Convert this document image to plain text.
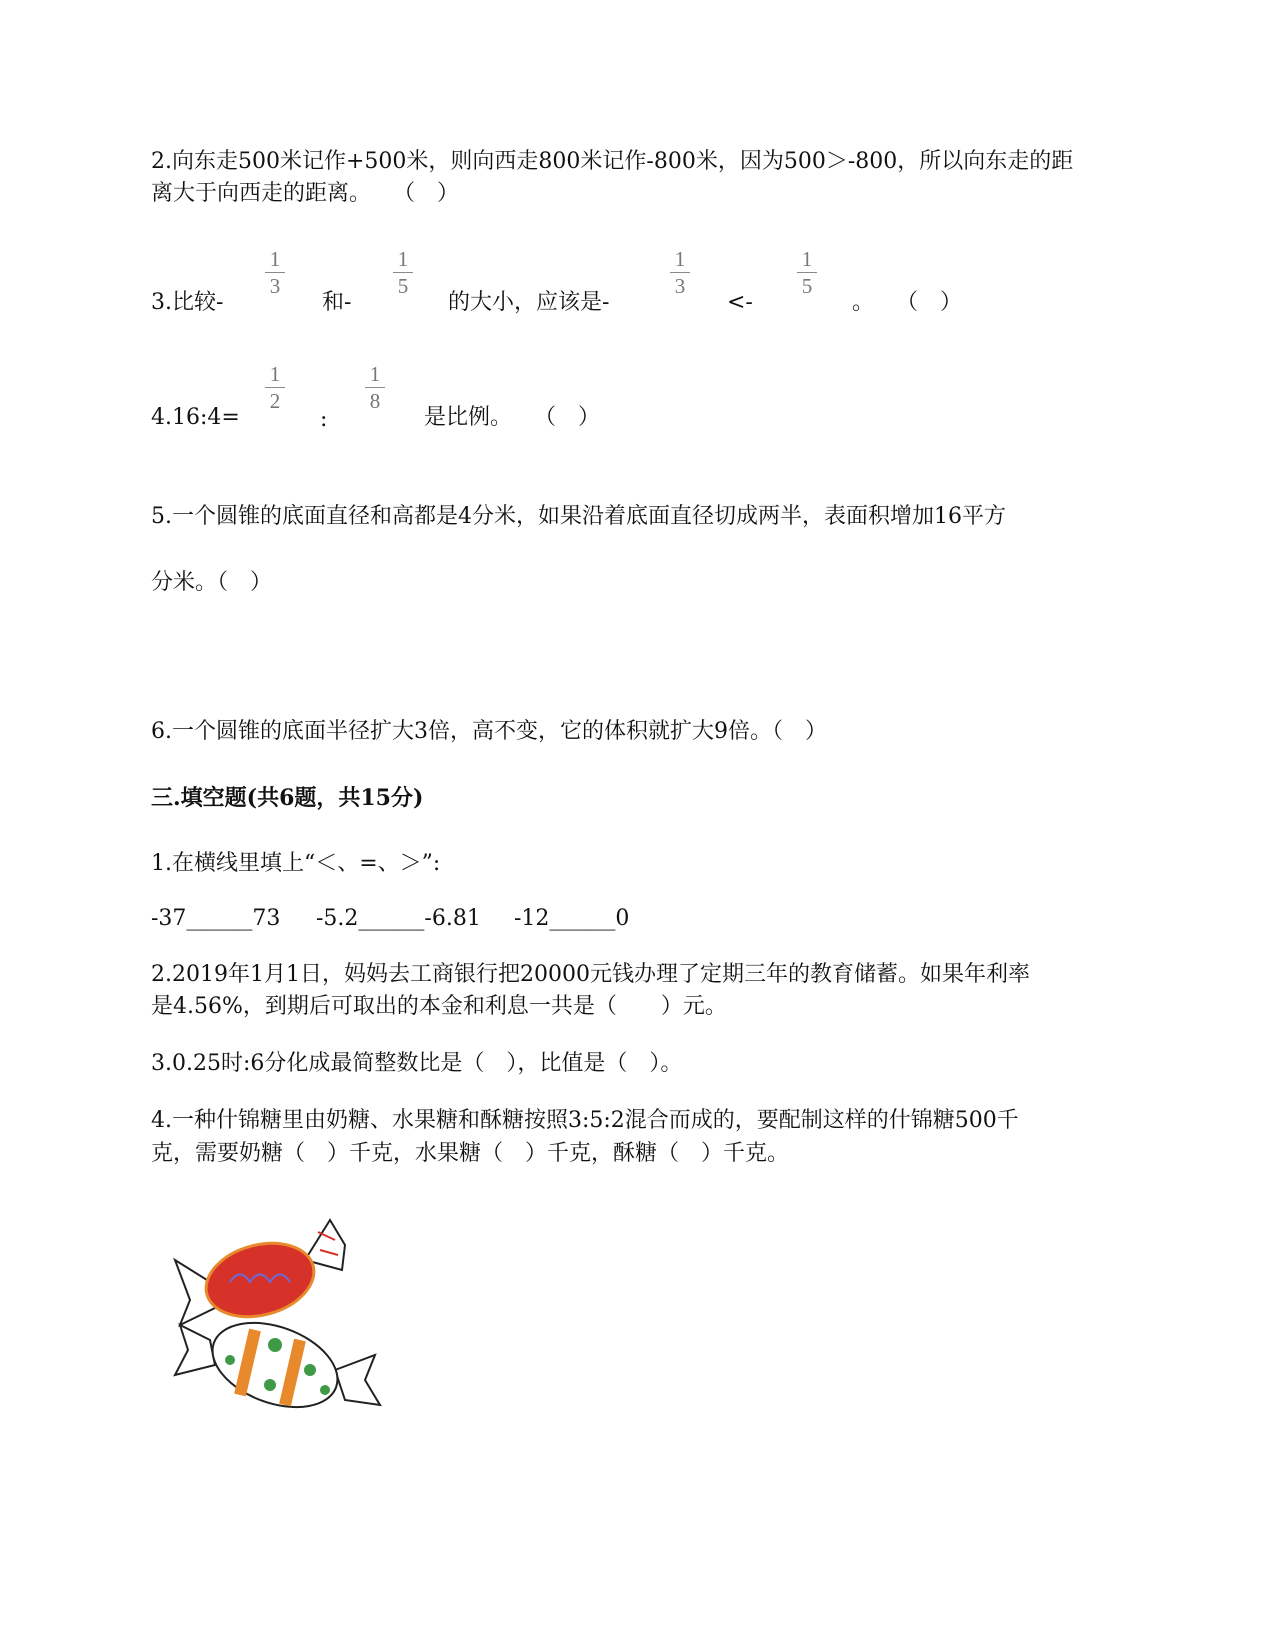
2.向东走500米记作+500米，则向西走800米记作-800米，因为500＞-800，所以向东走的距
离大于向西走的距离。　　（　）
3.比较-
1
3
和-
1
5
的大小，应该是-
1
3
<-
1
5
。　　（　）
4.16:4=
1
2
:
1
8
是比例。　　（　）
5.一个圆锥的底面直径和高都是4分米，如果沿着底面直径切成两半，表面积增加16平方
分米。（　）
6.一个圆锥的底面半径扩大3倍，高不变，它的体积就扩大9倍。（　）
三.填空题(共6题，共15分)
1.在横线里填上“＜、=、＞”:
-37______73 -5.2______-6.81 -12______0
2.2019年1月1日，妈妈去工商银行把20000元钱办理了定期三年的教育储蓄。如果年利率
是4.56%，到期后可取出的本金和利息一共是（　　）元。
3.0.25时:6分化成最简整数比是（　），比值是（　）。
4.一种什锦糖里由奶糖、水果糖和酥糖按照3:5:2混合而成的，要配制这样的什锦糖500千
克，需要奶糖（　）千克，水果糖（　）千克，酥糖（　）千克。
